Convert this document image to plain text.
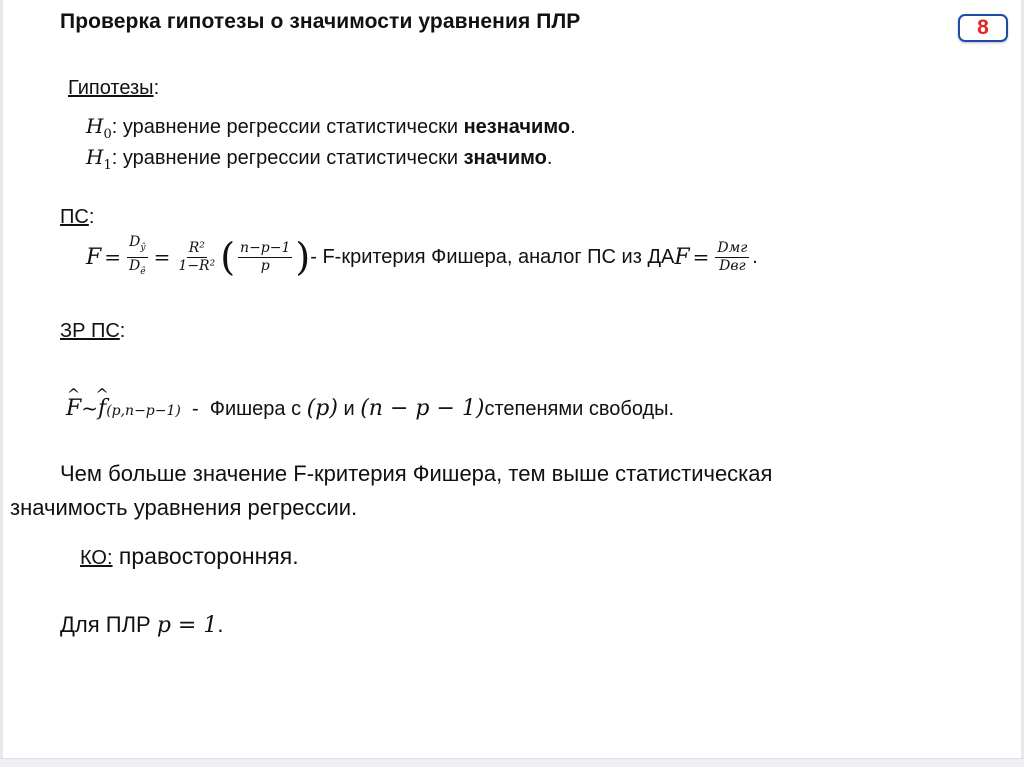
Проверка гипотезы о значимости уравнения ПЛР	8
Гипотезы:
$H_0$: уравнение регрессии статистически незначимо.
$H_1$: уравнение регрессии статистически значимо.
ПС:
$F = \frac{D_ŷ}{D_ê} = \frac{\text{R²}}{\text{1−R²}}$ ( $\frac{n-p-1}{p}$ ) - F-критерия Фишера, аналог ПС из ДА $F = \frac{\text{Dмг}}{\text{Dвг}}$ .
ЗР ПС:
^ F ~
^ f (p,n−p−1) -  Фишера с (p) и (n − p − 1) степенями свободы.
Чем больше значение F-критерия Фишера, тем выше статистическая
значимость уравнения регрессии.
КО: правосторонняя.
Для ПЛР p = 1.
